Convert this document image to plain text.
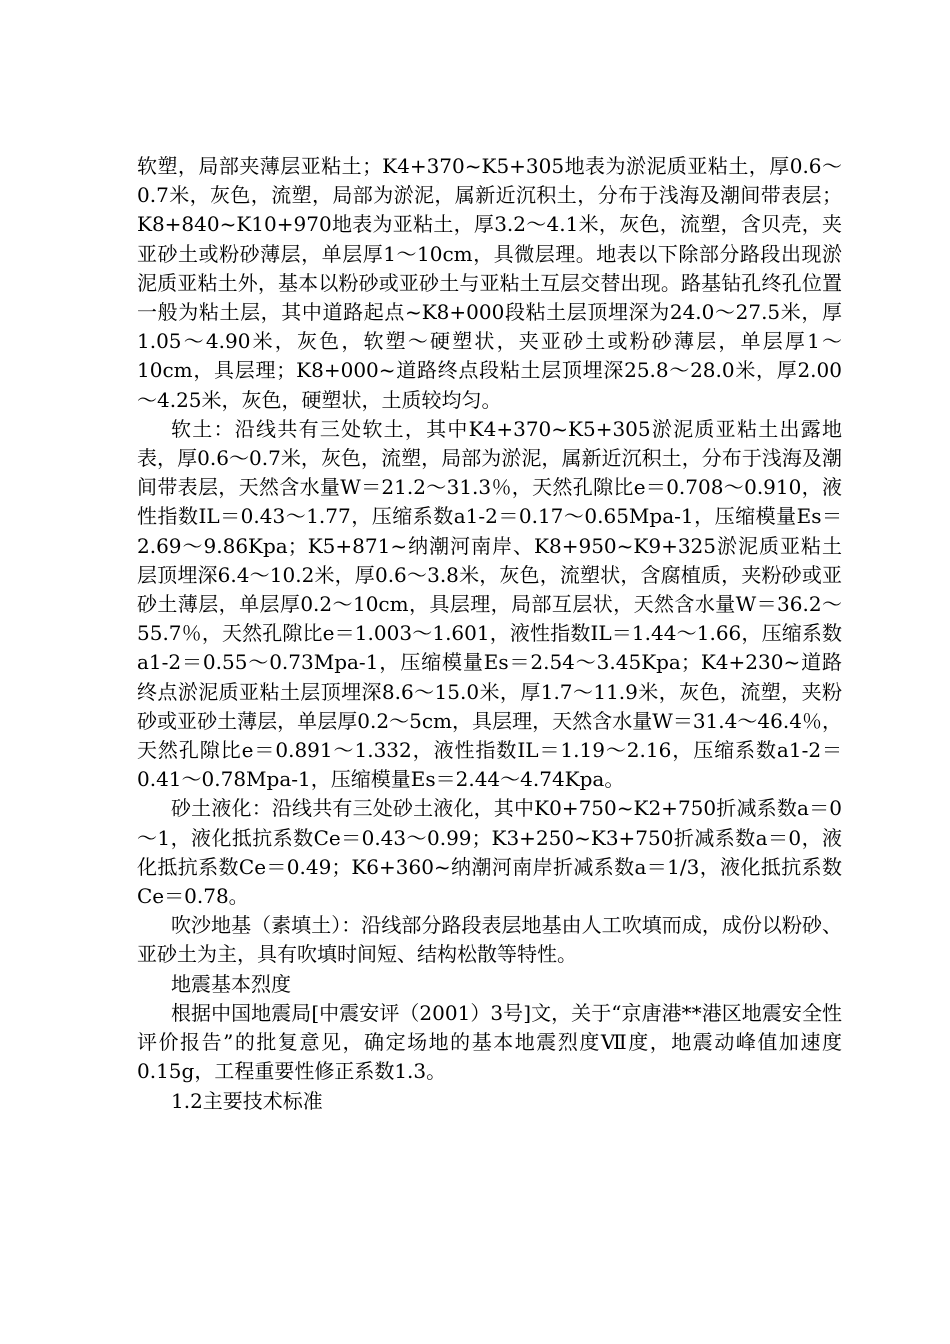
软塑，局部夹薄层亚粘土；K4+370~K5+305地表为淤泥质亚粘土，厚0.6～0.7米，灰色，流塑，局部为淤泥，属新近沉积土，分布于浅海及潮间带表层；K8+840~K10+970地表为亚粘土，厚3.2～4.1米，灰色，流塑，含贝壳，夹亚砂土或粉砂薄层，单层厚1～10cm，具微层理。地表以下除部分路段出现淤泥质亚粘土外，基本以粉砂或亚砂土与亚粘土互层交替出现。路基钻孔终孔位置一般为粘土层，其中道路起点~K8+000段粘土层顶埋深为24.0～27.5米，厚1.05～4.90米，灰色，软塑～硬塑状，夹亚砂土或粉砂薄层，单层厚1～10cm，具层理；K8+000~道路终点段粘土层顶埋深25.8～28.0米，厚2.00～4.25米，灰色，硬塑状，土质较均匀。

软土：沿线共有三处软土，其中K4+370~K5+305淤泥质亚粘土出露地表，厚0.6～0.7米，灰色，流塑，局部为淤泥，属新近沉积土，分布于浅海及潮间带表层，天然含水量W＝21.2～31.3％，天然孔隙比e＝0.708～0.910，液性指数IL＝0.43～1.77，压缩系数a1-2＝0.17～0.65Mpa-1，压缩模量Es＝2.69～9.86Kpa；K5+871~纳潮河南岸、K8+950~K9+325淤泥质亚粘土层顶埋深6.4～10.2米，厚0.6～3.8米，灰色，流塑状，含腐植质，夹粉砂或亚砂土薄层，单层厚0.2～10cm，具层理，局部互层状，天然含水量W＝36.2～55.7％，天然孔隙比e＝1.003～1.601，液性指数IL＝1.44～1.66，压缩系数a1-2＝0.55～0.73Mpa-1，压缩模量Es＝2.54～3.45Kpa；K4+230~道路终点淤泥质亚粘土层顶埋深8.6～15.0米，厚1.7～11.9米，灰色，流塑，夹粉砂或亚砂土薄层，单层厚0.2～5cm，具层理，天然含水量W＝31.4～46.4％，天然孔隙比e＝0.891～1.332，液性指数IL＝1.19～2.16，压缩系数a1-2＝0.41～0.78Mpa-1，压缩模量Es＝2.44～4.74Kpa。

砂土液化：沿线共有三处砂土液化，其中K0+750~K2+750折减系数a＝0～1，液化抵抗系数Ce＝0.43～0.99；K3+250~K3+750折减系数a＝0，液化抵抗系数Ce＝0.49；K6+360~纳潮河南岸折减系数a＝1/3，液化抵抗系数Ce＝0.78。

吹沙地基（素填土）：沿线部分路段表层地基由人工吹填而成，成份以粉砂、亚砂土为主，具有吹填时间短、结构松散等特性。

地震基本烈度

根据中国地震局[中震安评（2001）3号]文，关于“京唐港**港区地震安全性评价报告”的批复意见，确定场地的基本地震烈度Ⅶ度，地震动峰值加速度0.15g，工程重要性修正系数1.3。

1.2主要技术标准
